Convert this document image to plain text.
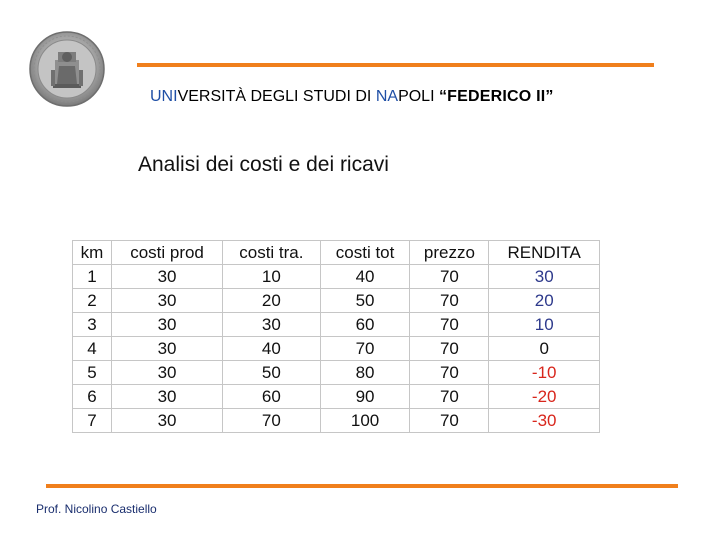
UNIVERSITÀ DEGLI STUDI DI NAPOLI “FEDERICO II”
Analisi dei costi e dei ricavi
km	costi prod	costi tra.	costi tot	prezzo	RENDITA
1	30	10	40	70	30
2	30	20	50	70	20
3	30	30	60	70	10
4	30	40	70	70	0
5	30	50	80	70	-10
6	30	60	90	70	-20
7	30	70	100	70	-30
Prof. Nicolino Castiello
